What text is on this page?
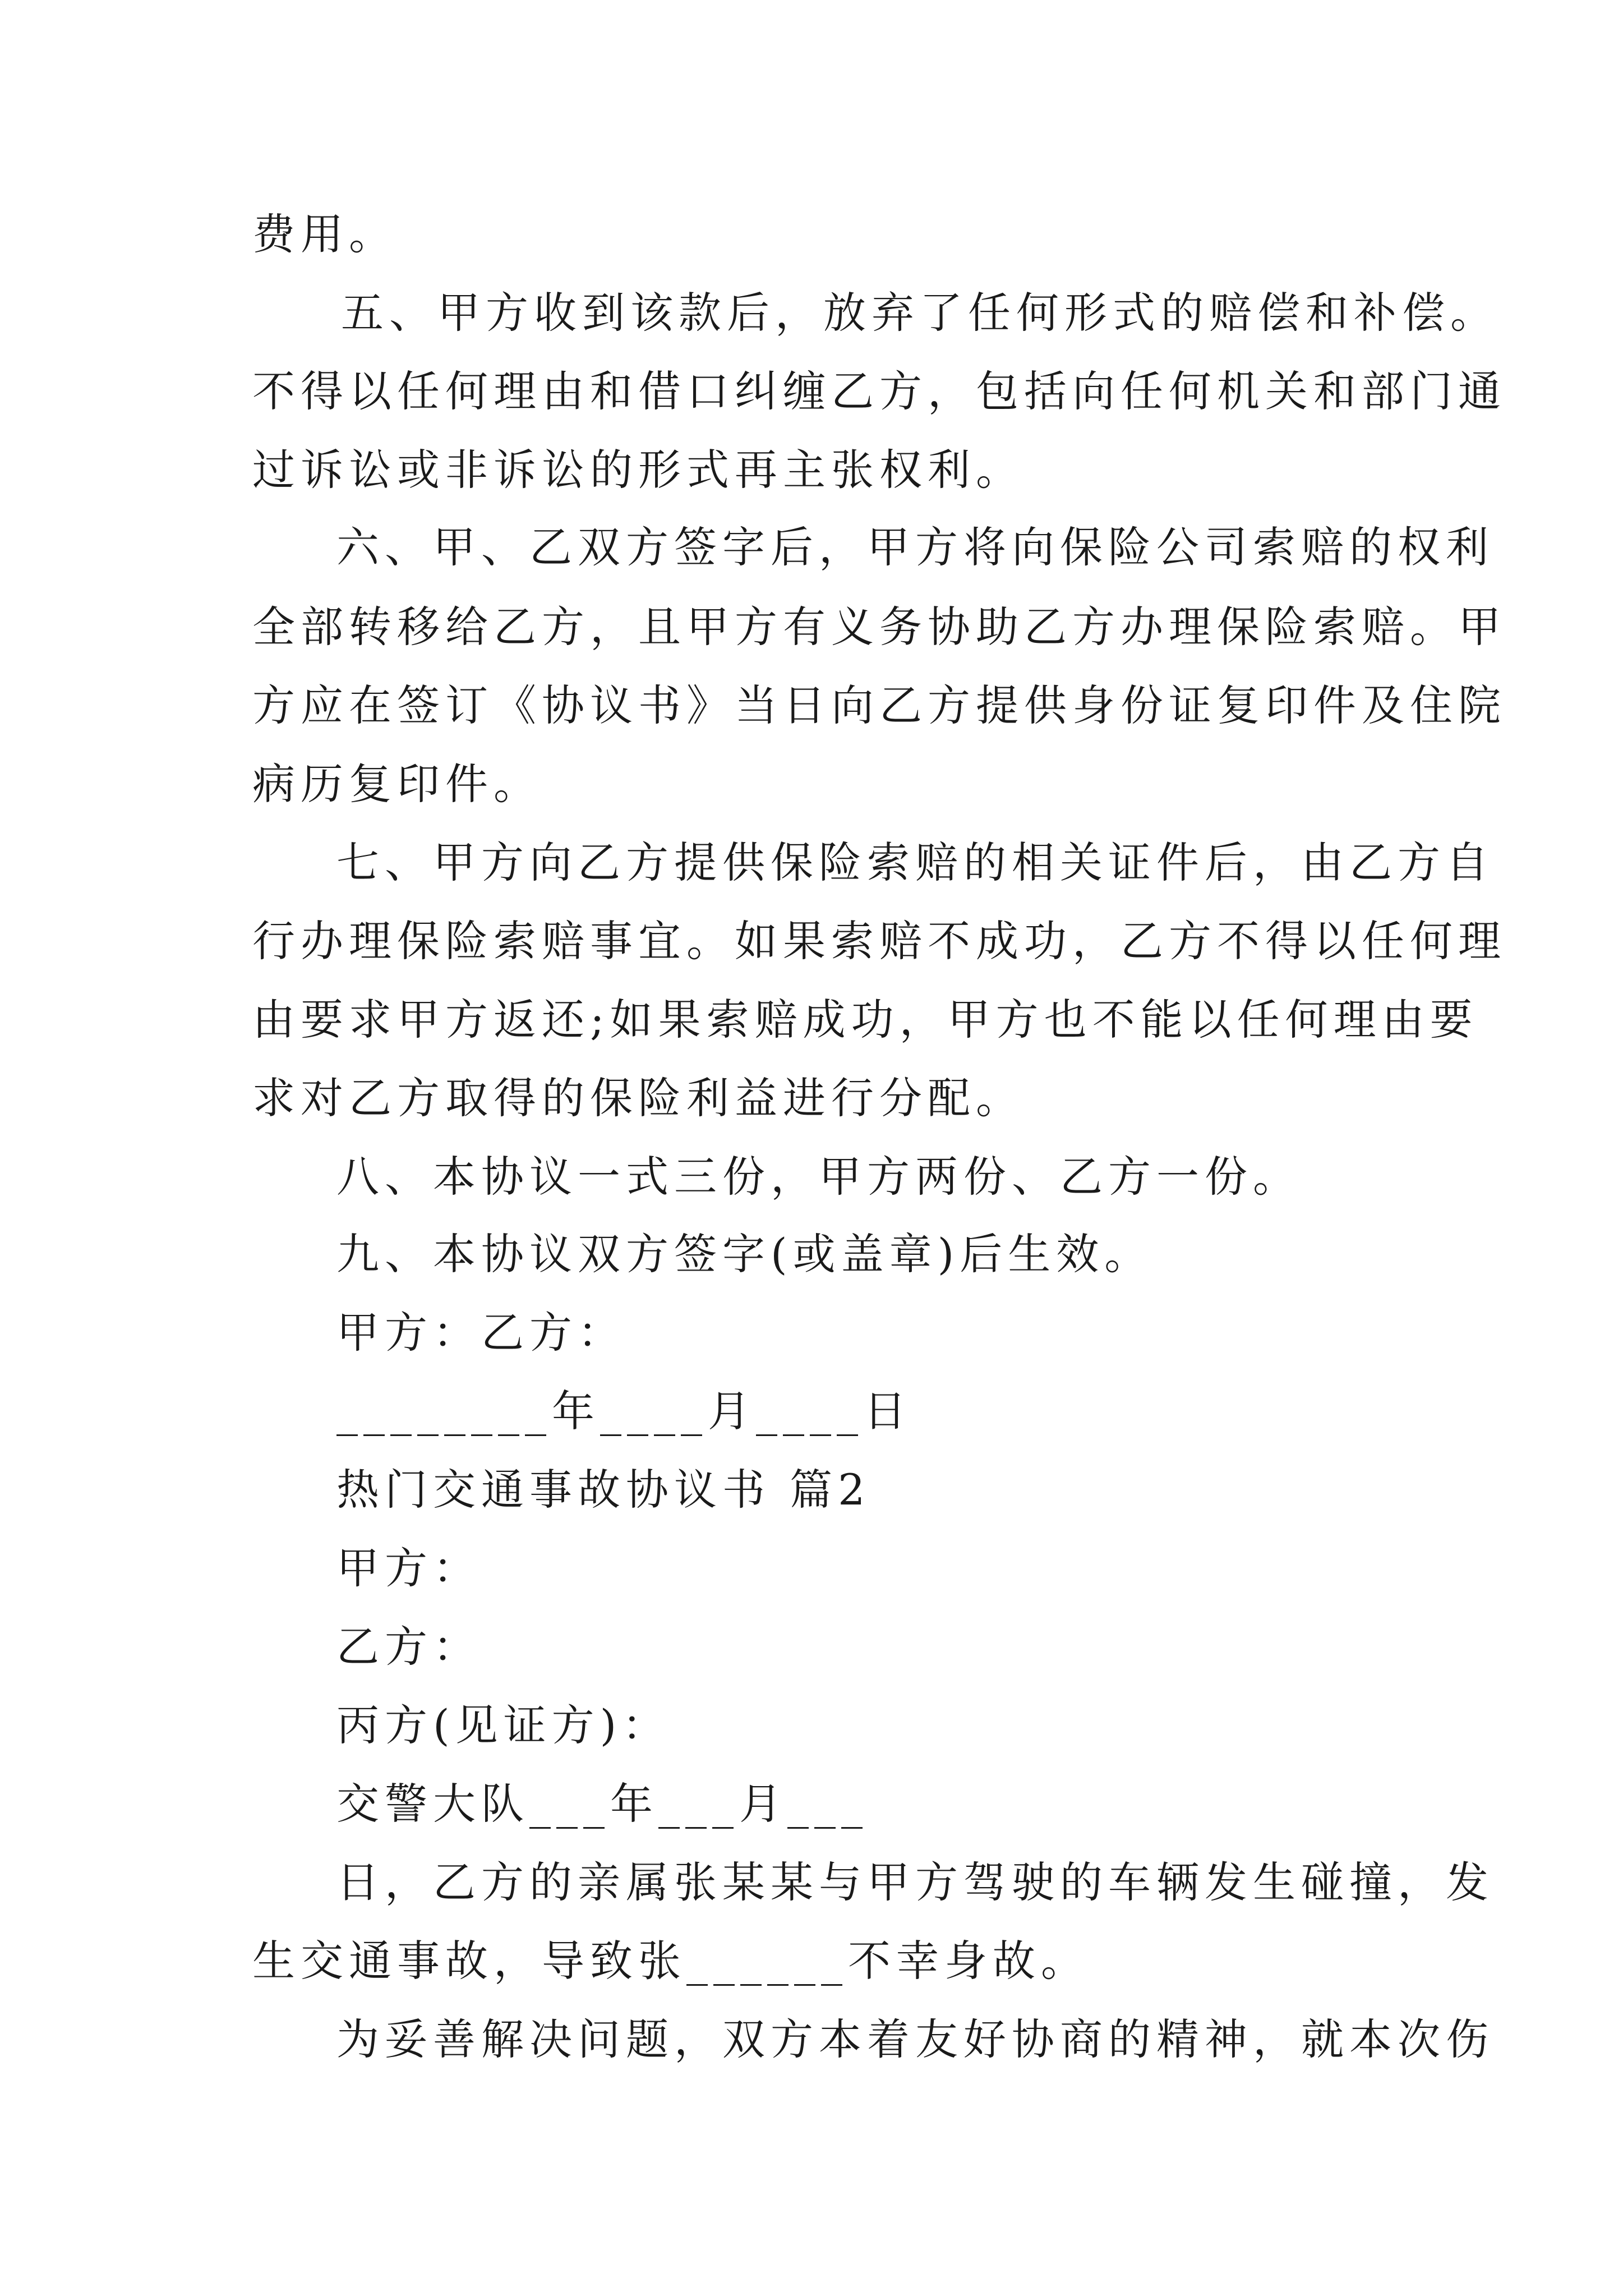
费用。
五、甲方收到该款后，放弃了任何形式的赔偿和补偿。
不得以任何理由和借口纠缠乙方，包括向任何机关和部门通
过诉讼或非诉讼的形式再主张权利。
六、甲、乙双方签字后，甲方将向保险公司索赔的权利
全部转移给乙方，且甲方有义务协助乙方办理保险索赔。甲
方应在签订《协议书》当日向乙方提供身份证复印件及住院
病历复印件。
七、甲方向乙方提供保险索赔的相关证件后，由乙方自
行办理保险索赔事宜。如果索赔不成功，乙方不得以任何理
由要求甲方返还;如果索赔成功，甲方也不能以任何理由要
求对乙方取得的保险利益进行分配。
八、本协议一式三份，甲方两份、乙方一份。
九、本协议双方签字(或盖章)后生效。
甲方：乙方：
________年____月____日
热门交通事故协议书 篇2
甲方：
乙方：
丙方(见证方)：
交警大队___年___月___
日，乙方的亲属张某某与甲方驾驶的车辆发生碰撞，发
生交通事故，导致张______不幸身故。
为妥善解决问题，双方本着友好协商的精神，就本次伤
